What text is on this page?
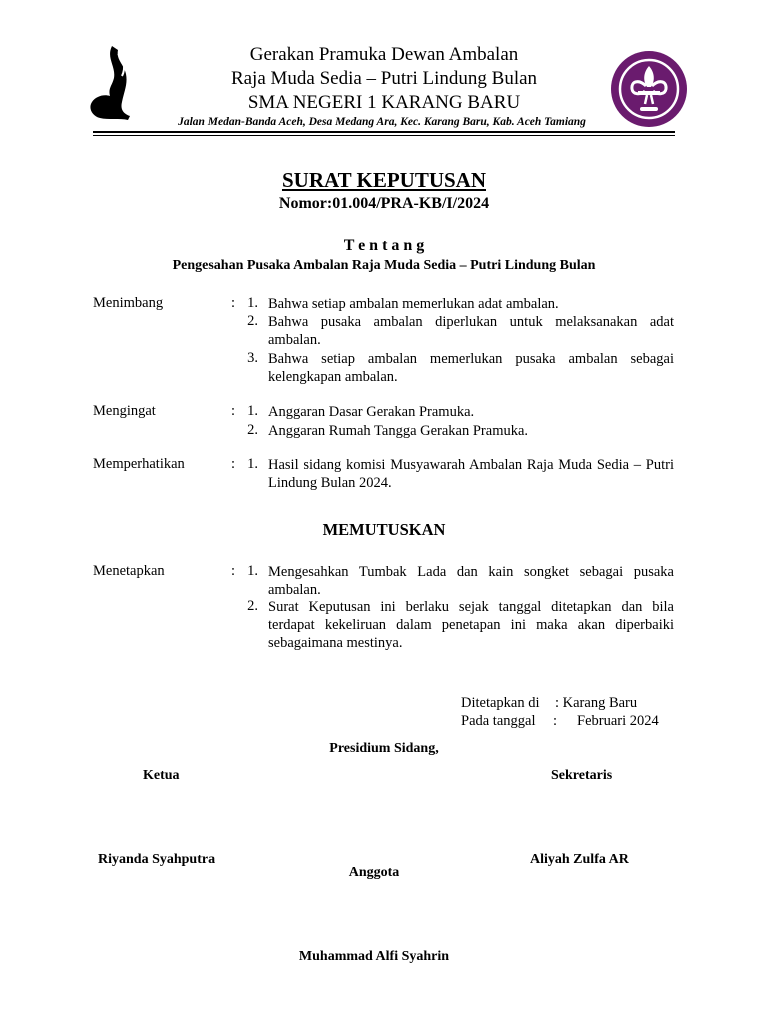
Gerakan Pramuka Dewan Ambalan
Raja Muda Sedia – Putri Lindung Bulan
SMA NEGERI 1 KARANG BARU
Jalan Medan-Banda Aceh, Desa Medang Ara, Kec. Karang Baru, Kab. Aceh Tamiang
SURAT KEPUTUSAN
Nomor:01.004/PRA-KB/I/2024
T e n t a n g
Pengesahan Pusaka Ambalan Raja Muda Sedia – Putri Lindung Bulan
Menimbang	: 1. Bahwa setiap ambalan memerlukan adat ambalan.
2. Bahwa pusaka ambalan diperlukan untuk melaksanakan adat ambalan.
3. Bahwa setiap ambalan memerlukan pusaka ambalan sebagai kelengkapan ambalan.
Mengingat	: 1. Anggaran Dasar Gerakan Pramuka.
2. Anggaran Rumah Tangga Gerakan Pramuka.
Memperhatikan	: 1. Hasil sidang komisi Musyawarah Ambalan Raja Muda Sedia – Putri Lindung Bulan 2024.
MEMUTUSKAN
Menetapkan	: 1. Mengesahkan Tumbak Lada dan kain songket sebagai pusaka ambalan.
2. Surat Keputusan ini berlaku sejak tanggal ditetapkan dan bila terdapat kekeliruan dalam penetapan ini maka akan diperbaiki sebagaimana mestinya.
Ditetapkan di : Karang Baru
Pada tanggal : Februari 2024
Presidium Sidang,
Ketua	Sekretaris
Riyanda Syahputra	Aliyah Zulfa AR
Anggota
Muhammad Alfi Syahrin
